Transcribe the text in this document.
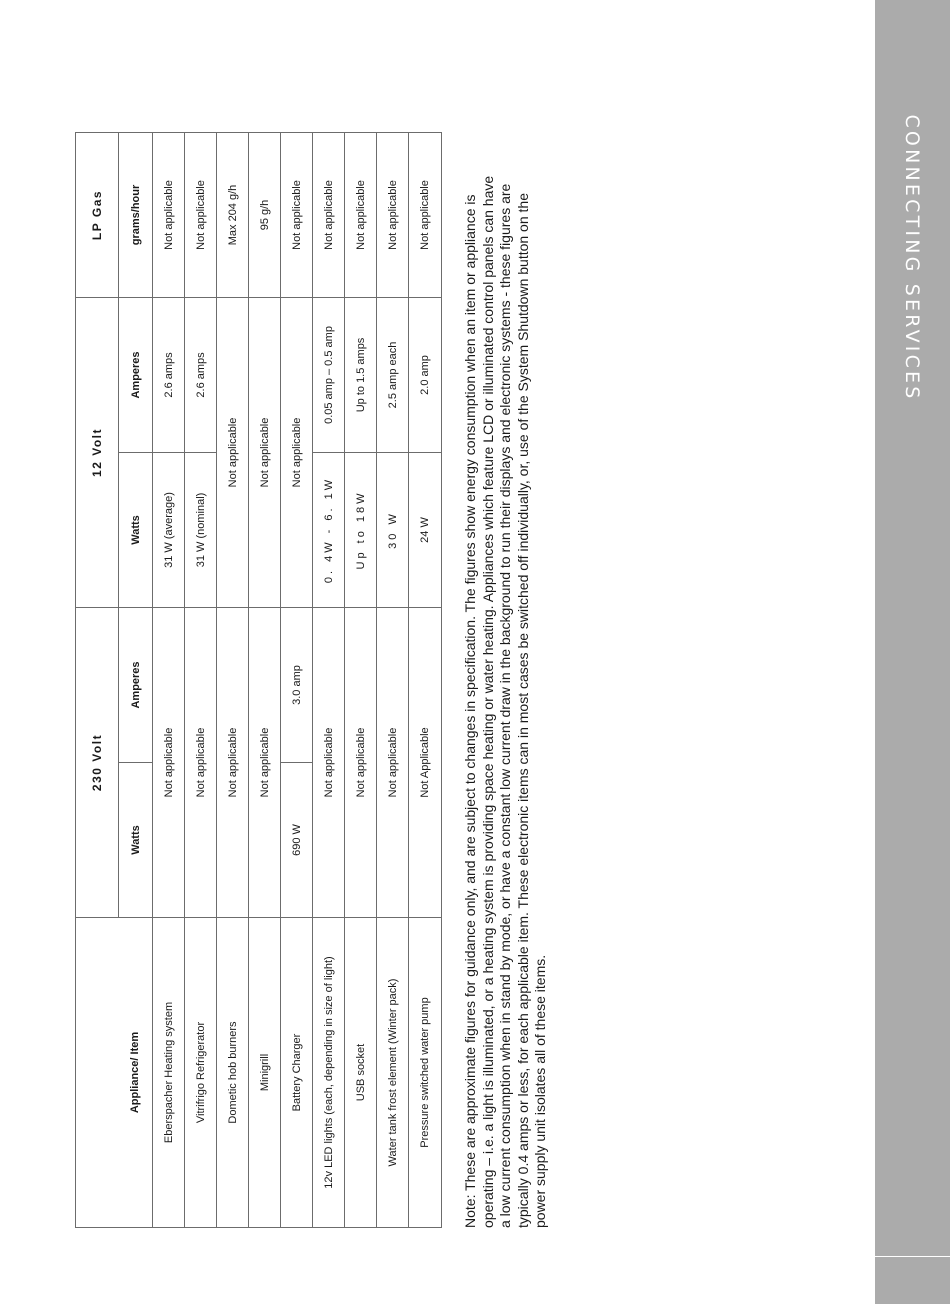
CONNECTING SERVICES
	230 Volt		12 Volt		LP Gas
Appliance/ Item	Watts	Amperes	Watts	Amperes	grams/hour
Eberspacher Heating system	Not applicable		31 W (average)	2.6 amps	Not applicable
Vitrifrigo Refrigerator	Not applicable		31 W (nominal)	2.6 amps	Not applicable
Dometic hob burners	Not applicable		Not applicable		Max 204 g/h
Minigrill	Not applicable		Not applicable		95 g/h
Battery Charger	690 W	3.0 amp	Not applicable		Not applicable
12v LED lights (each, depending in size of light)	Not applicable		0. 4W - 6. 1W	0.05 amp – 0.5 amp	Not applicable
USB socket	Not applicable		Up to 18W	Up to 1.5 amps	Not applicable
Water tank frost element (Winter pack)	Not applicable		30 W	2.5 amp each	Not applicable
Pressure switched water pump	Not Applicable		24 W	2.0 amp	Not applicable Note: These are approximate figures for guidance only, and are subject to changes in specification. The figures show energy consumption when an item or appliance is operating – i.e. a light is illuminated, or a heating system is providing space heating or water heating. Appliances which feature LCD or illuminated control panels can have a low current consumption when in stand by mode, or have a constant low current draw in the background to run their displays and electronic systems - these figures are typically 0.4 amps or less, for each applicable item. These electronic items can in most cases be switched off individually, or, use of the System Shutdown button on the power supply unit isolates all of these items.
